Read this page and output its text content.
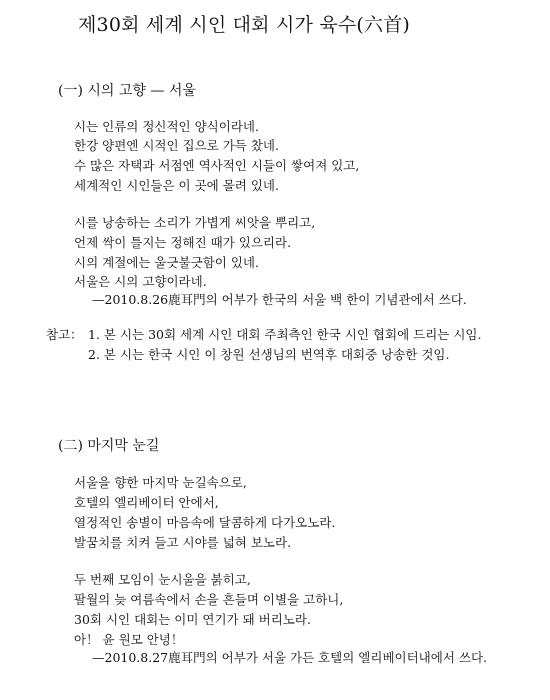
제30회 세계 시인 대회 시가 육수(六首)
(一) 시의 고향 — 서울
시는 인류의 정신적인 양식이라네.
한강 양편엔 시적인 집으로 가득 찼네.
수 많은 자택과 서점엔 역사적인 시들이 쌓여져 있고,
세계적인 시인들은 이 곳에 몰려 있네.
시를 낭송하는 소리가 가볍게 씨앗을 뿌리고,
언제 싹이 틀지는 정해진 때가 있으리라.
시의 계절에는 울긋불긋함이 있네.
서울은 시의 고향이라네.
—2010.8.26鹿耳門의 어부가 한국의 서울 백 한이 기념관에서 쓰다.
참고： 1. 본 시는 30회 세계 시인 대회 주최측인 한국 시인 협회에 드리는 시임.
2. 본 시는 한국 시인 이 창원 선생님의 번역후 대회중 낭송한 것임.
(二) 마지막 눈길
서울을 향한 마지막 눈길속으로,
호텔의 엘리베이터 안에서,
열정적인 송별이 마음속에 달콤하게 다가오노라.
발꿈치를 치켜 들고 시야를 넓혀 보노라.
두 번째 모임이 눈시울을 붉히고,
팔월의 늦 여름속에서 손을 흔들며 이별을 고하니,
30회 시인 대회는 이미 연기가 돼 버리노라.
아！ 윤 원모 안녕！
—2010.8.27鹿耳門의 어부가 서울 가든 호텔의 엘리베이터내에서 쓰다.
